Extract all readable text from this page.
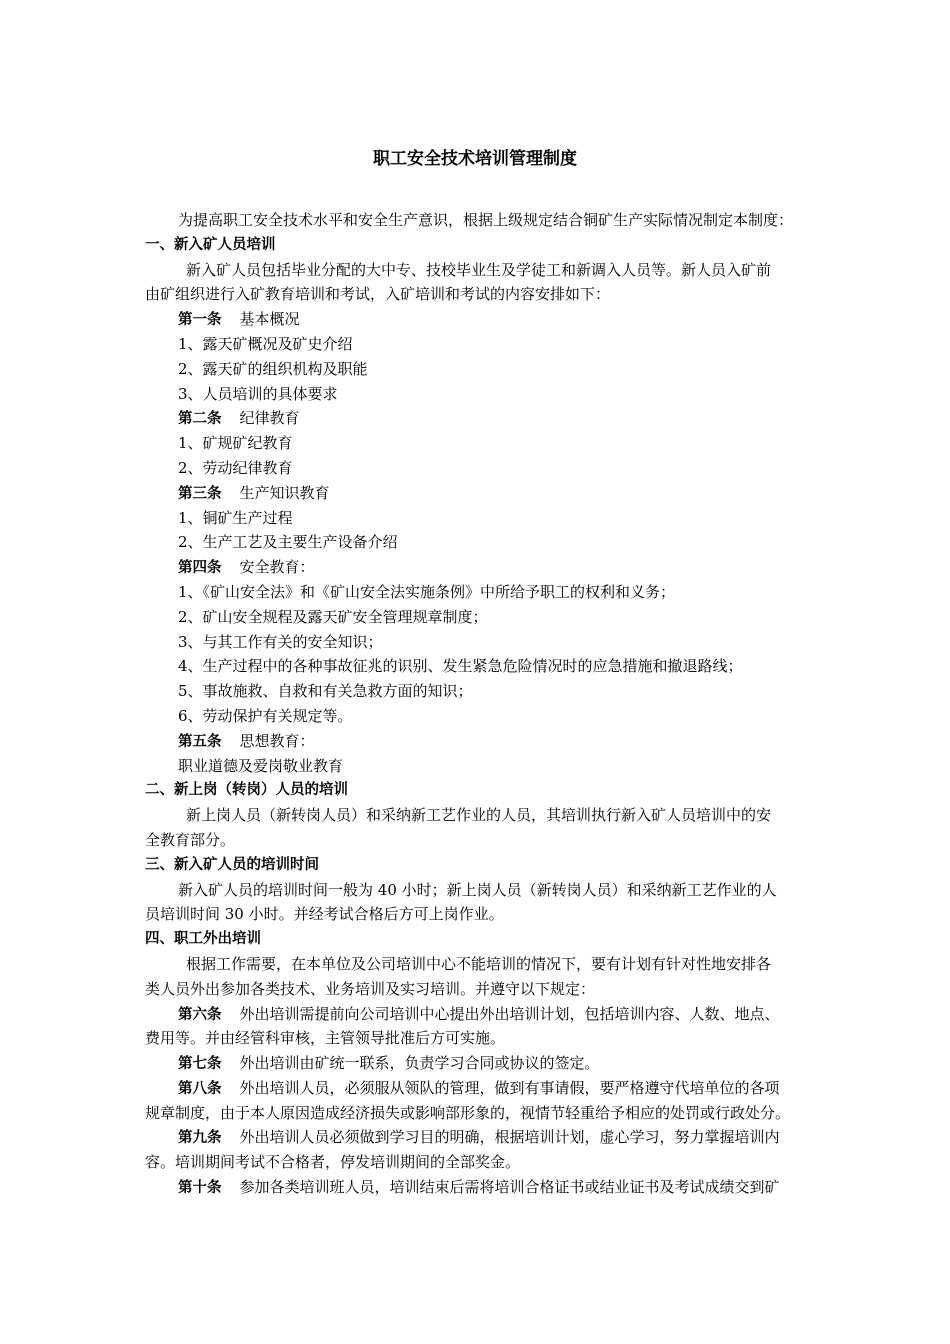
职工安全技术培训管理制度
为提高职工安全技术水平和安全生产意识，根据上级规定结合铜矿生产实际情况制定本制度：
一、新入矿人员培训
新入矿人员包括毕业分配的大中专、技校毕业生及学徒工和新调入人员等。新人员入矿前
由矿组织进行入矿教育培训和考试，入矿培训和考试的内容安排如下：
第一条 基本概况
1、露天矿概况及矿史介绍
2、露天矿的组织机构及职能
3、人员培训的具体要求
第二条 纪律教育
1、矿规矿纪教育
2、劳动纪律教育
第三条 生产知识教育
1、铜矿生产过程
2、生产工艺及主要生产设备介绍
第四条 安全教育：
1、《矿山安全法》和《矿山安全法实施条例》中所给予职工的权利和义务；
2、矿山安全规程及露天矿安全管理规章制度；
3、与其工作有关的安全知识；
4、生产过程中的各种事故征兆的识别、发生紧急危险情况时的应急措施和撤退路线；
5、事故施救、自救和有关急救方面的知识；
6、劳动保护有关规定等。
第五条 思想教育：
职业道德及爱岗敬业教育
二、新上岗（转岗）人员的培训
新上岗人员（新转岗人员）和采纳新工艺作业的人员，其培训执行新入矿人员培训中的安
全教育部分。
三、新入矿人员的培训时间
新入矿人员的培训时间一般为 40 小时；新上岗人员（新转岗人员）和采纳新工艺作业的人
员培训时间 30 小时。并经考试合格后方可上岗作业。
四、职工外出培训
根据工作需要，在本单位及公司培训中心不能培训的情况下，要有计划有针对性地安排各
类人员外出参加各类技术、业务培训及实习培训。并遵守以下规定：
第六条 外出培训需提前向公司培训中心提出外出培训计划，包括培训内容、人数、地点、
费用等。并由经管科审核，主管领导批准后方可实施。
第七条 外出培训由矿统一联系，负责学习合同或协议的签定。
第八条 外出培训人员，必须服从领队的管理，做到有事请假，要严格遵守代培单位的各项
规章制度，由于本人原因造成经济损失或影响部形象的，视情节轻重给予相应的处罚或行政处分。
第九条 外出培训人员必须做到学习目的明确，根据培训计划，虚心学习，努力掌握培训内
容。培训期间考试不合格者，停发培训期间的全部奖金。
第十条 参加各类培训班人员，培训结束后需将培训合格证书或结业证书及考试成绩交到矿
